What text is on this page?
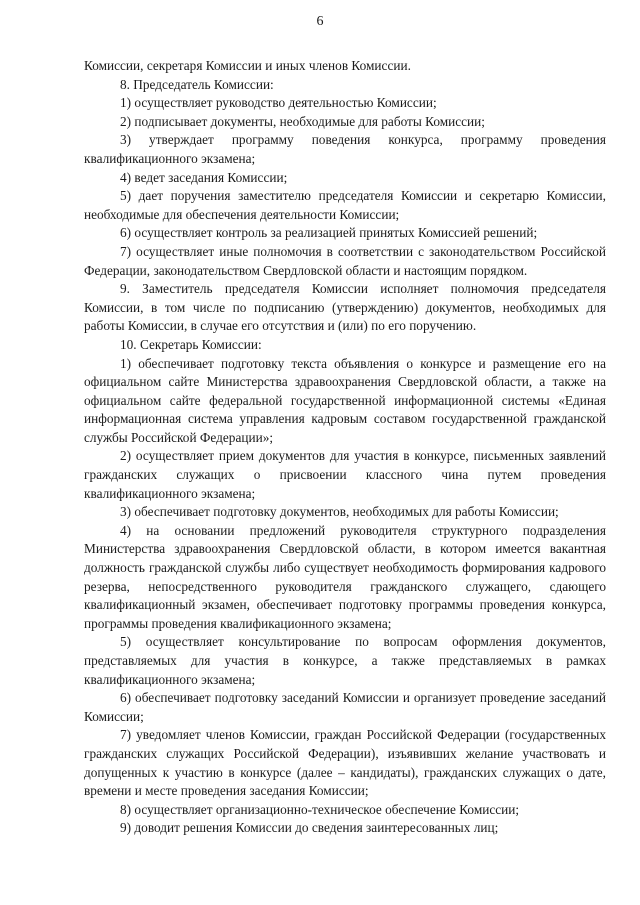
6

Комиссии, секретаря Комиссии и иных членов Комиссии.

8. Председатель Комиссии:

1) осуществляет руководство деятельностью Комиссии;

2) подписывает документы, необходимые для работы Комиссии;

3) утверждает программу поведения конкурса, программу проведения квалификационного экзамена;

4) ведет заседания Комиссии;

5) дает поручения заместителю председателя Комиссии и секретарю Комиссии, необходимые для обеспечения деятельности Комиссии;

6) осуществляет контроль за реализацией принятых Комиссией решений;

7) осуществляет иные полномочия в соответствии с законодательством Российской Федерации, законодательством Свердловской области и настоящим порядком.

9. Заместитель председателя Комиссии исполняет полномочия председателя Комиссии, в том числе по подписанию (утверждению) документов, необходимых для работы Комиссии, в случае его отсутствия и (или) по его поручению.

10. Секретарь Комиссии:

1) обеспечивает подготовку текста объявления о конкурсе и размещение его на официальном сайте Министерства здравоохранения Свердловской области, а также на официальном сайте федеральной государственной информационной системы «Единая информационная система управления кадровым составом государственной гражданской службы Российской Федерации»;

2) осуществляет прием документов для участия в конкурсе, письменных заявлений гражданских служащих о присвоении классного чина путем проведения квалификационного экзамена;

3) обеспечивает подготовку документов, необходимых для работы Комиссии;

4) на основании предложений руководителя структурного подразделения Министерства здравоохранения Свердловской области, в котором имеется вакантная должность гражданской службы либо существует необходимость формирования кадрового резерва, непосредственного руководителя гражданского служащего, сдающего квалификационный экзамен, обеспечивает подготовку программы проведения конкурса, программы проведения квалификационного экзамена;

5) осуществляет консультирование по вопросам оформления документов, представляемых для участия в конкурсе, а также представляемых в рамках квалификационного экзамена;

6) обеспечивает подготовку заседаний Комиссии и организует проведение заседаний Комиссии;

7) уведомляет членов Комиссии, граждан Российской Федерации (государственных гражданских служащих Российской Федерации), изъявивших желание участвовать и допущенных к участию в конкурсе (далее – кандидаты), гражданских служащих о дате, времени и месте проведения заседания Комиссии;

8) осуществляет организационно-техническое обеспечение Комиссии;

9) доводит решения Комиссии до сведения заинтересованных лиц;
